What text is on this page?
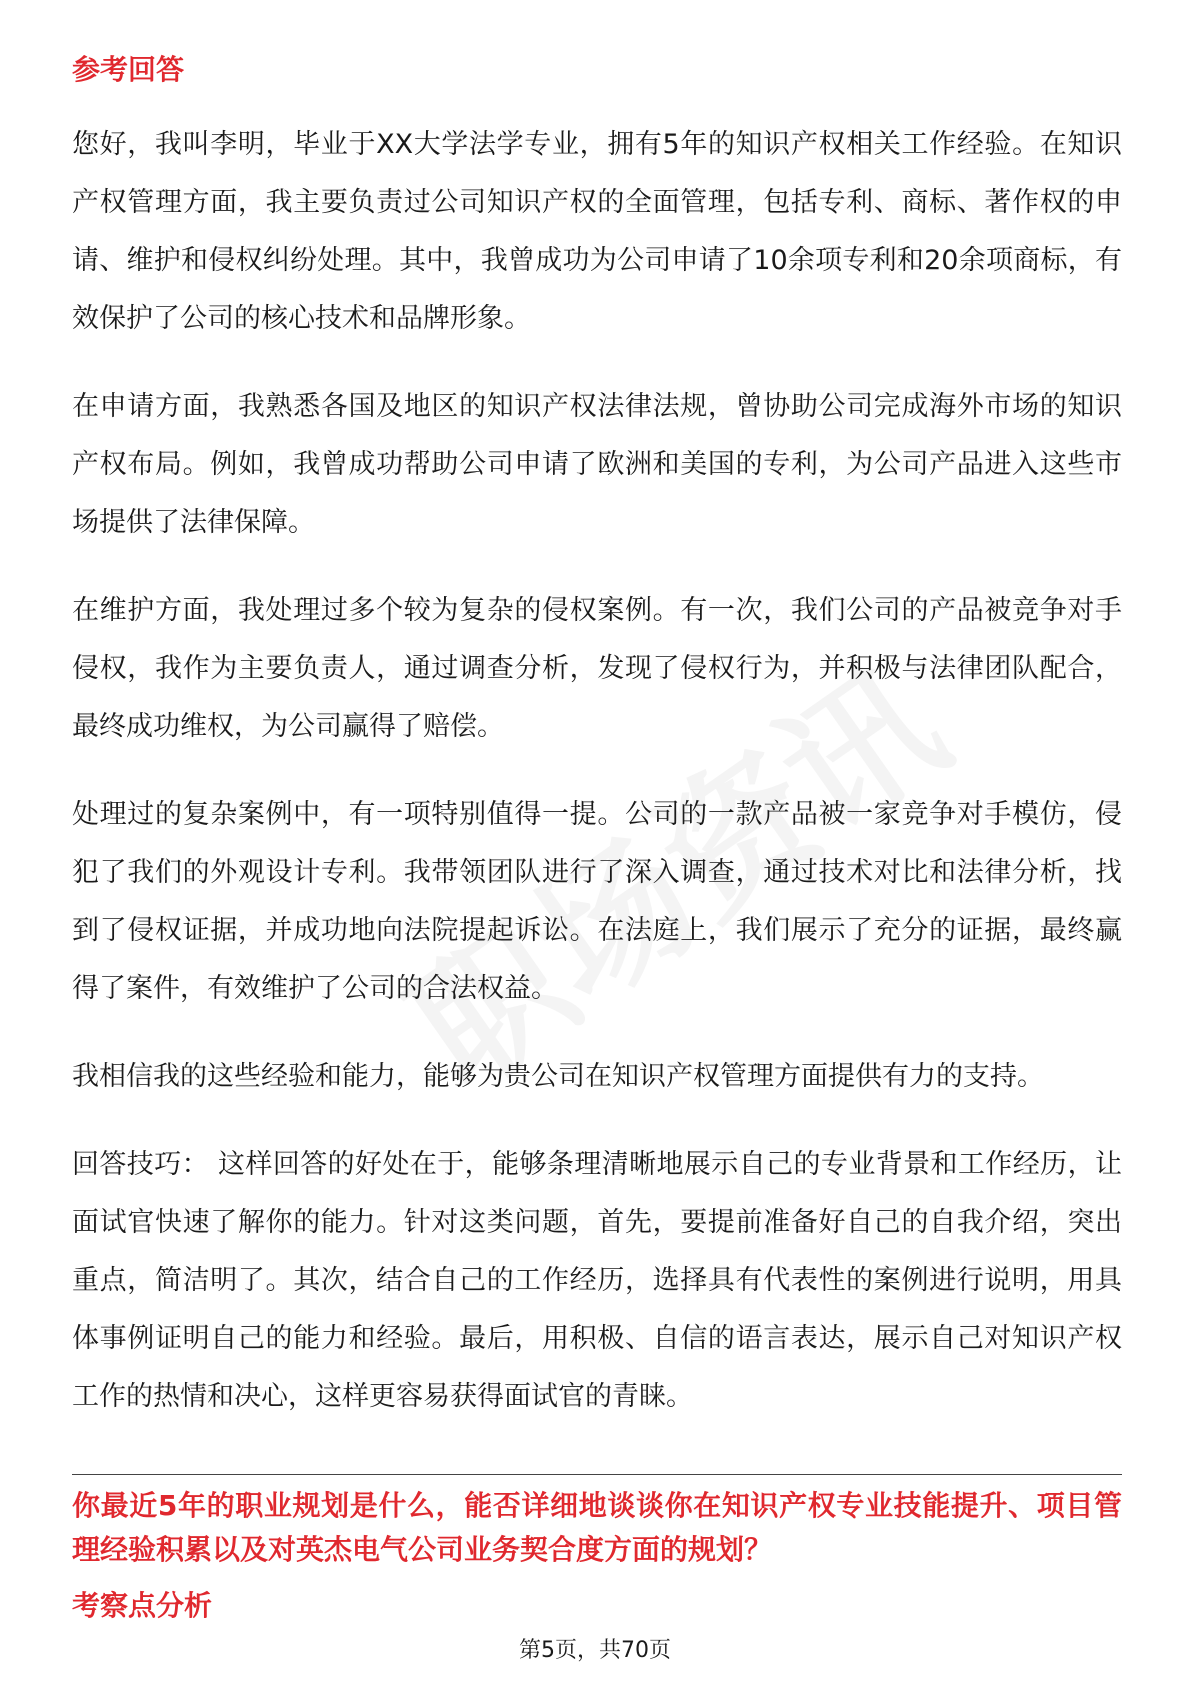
参考回答

您好，我叫李明，毕业于XX大学法学专业，拥有5年的知识产权相关工作经验。在知识产权管理方面，我主要负责过公司知识产权的全面管理，包括专利、商标、著作权的申请、维护和侵权纠纷处理。其中，我曾成功为公司申请了10余项专利和20余项商标，有效保护了公司的核心技术和品牌形象。

在申请方面，我熟悉各国及地区的知识产权法律法规，曾协助公司完成海外市场的知识产权布局。例如，我曾成功帮助公司申请了欧洲和美国的专利，为公司产品进入这些市场提供了法律保障。

在维护方面，我处理过多个较为复杂的侵权案例。有一次，我们公司的产品被竞争对手侵权，我作为主要负责人，通过调查分析，发现了侵权行为，并积极与法律团队配合，最终成功维权，为公司赢得了赔偿。

处理过的复杂案例中，有一项特别值得一提。公司的一款产品被一家竞争对手模仿，侵犯了我们的外观设计专利。我带领团队进行了深入调查，通过技术对比和法律分析，找到了侵权证据，并成功地向法院提起诉讼。在法庭上，我们展示了充分的证据，最终赢得了案件，有效维护了公司的合法权益。

我相信我的这些经验和能力，能够为贵公司在知识产权管理方面提供有力的支持。

回答技巧： 这样回答的好处在于，能够条理清晰地展示自己的专业背景和工作经历，让面试官快速了解你的能力。针对这类问题，首先，要提前准备好自己的自我介绍，突出重点，简洁明了。其次，结合自己的工作经历，选择具有代表性的案例进行说明，用具体事例证明自己的能力和经验。最后，用积极、自信的语言表达，展示自己对知识产权工作的热情和决心，这样更容易获得面试官的青睐。

你最近5年的职业规划是什么，能否详细地谈谈你在知识产权专业技能提升、项目管理经验积累以及对英杰电气公司业务契合度方面的规划？
考察点分析
第5页，共70页
